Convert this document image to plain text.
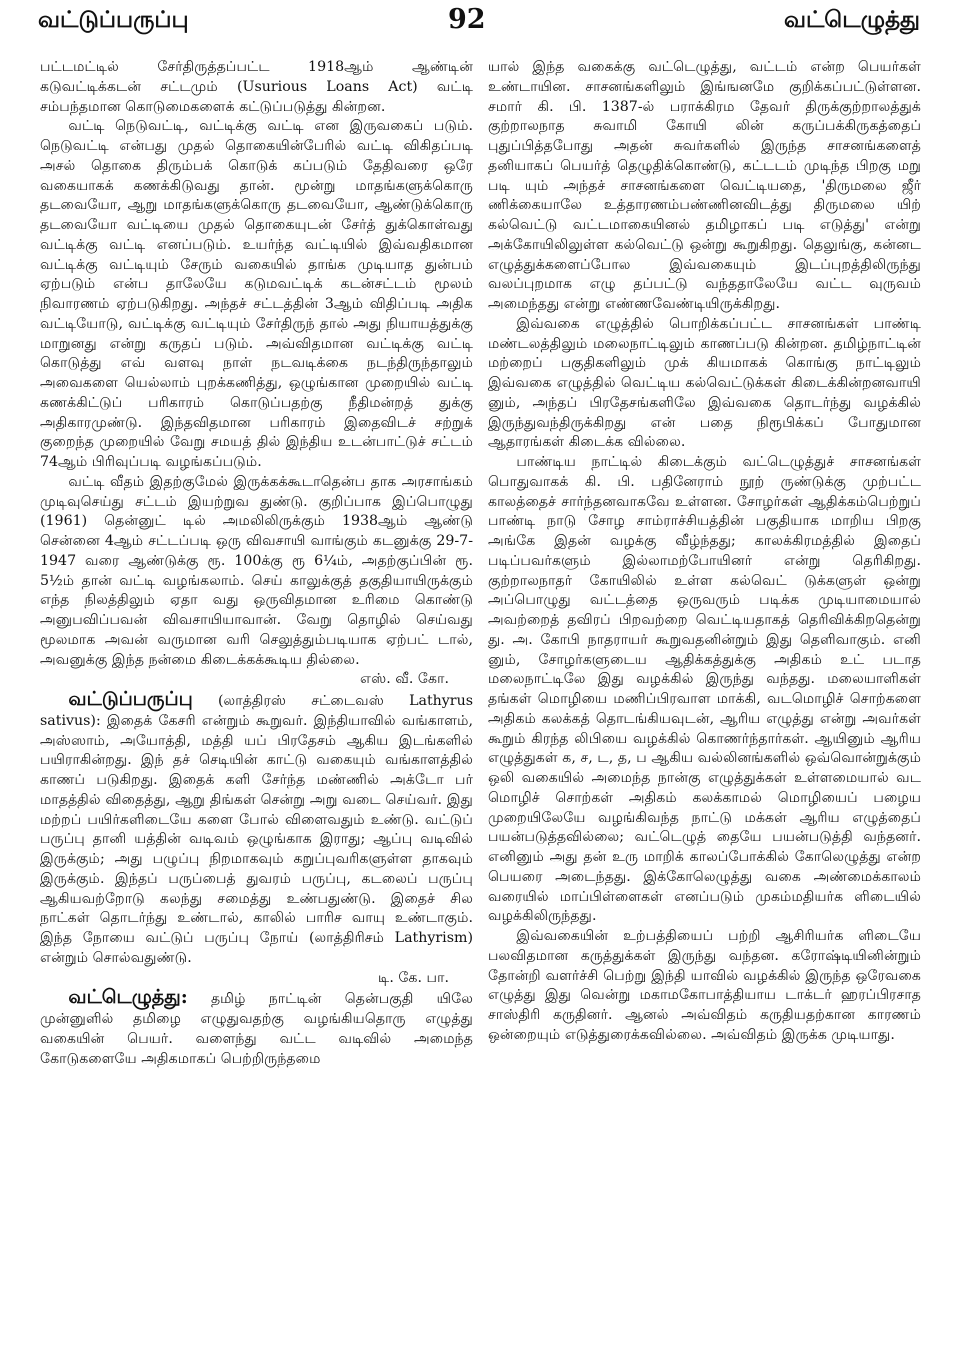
வட்டுப்பருப்பு	92	வட்டெழுத்து

பட்டமட்டில் சேர்திருத்தப்பட்ட 1918ஆம் ஆண்டின் கடுவட்டிக்கடன் சட்டமும் (Usurious Loans Act) வட்டி சம்பந்தமான கொடுமைகளைக் கட்டுப்படுத்து கின்றன.

வட்டி நெடுவட்டி, வட்டிக்கு வட்டி என இருவகைப் படும். நெடுவட்டி என்பது முதல் தொகையின்பேரில் வட்டி விகிதப்படி அசல் தொகை திரும்பக் கொடுக் கப்படும் தேதிவரை ஒரே வகையாகக் கணக்கிடுவது தான். மூன்று மாதங்களுக்கொரு தடவையோ, ஆறு மாதங்களுக்கொரு தடவையோ, ஆண்டுக்கொரு தடவையோ வட்டியை முதல் தொகையுடன் சேர்த் துக்கொள்வது வட்டிக்கு வட்டி எனப்படும். உயர்ந்த வட்டியில் இவ்வதிகமான வட்டிக்கு வட்டியும் சேரும் வகையில் தாங்க முடியாத துன்பம் ஏற்படும் என்ப தாலேயே கடுமவட்டிக் கடன்சட்டம் மூலம் நிவாரணம் ஏற்படுகிறது. அந்தச் சட்டத்தின் 3ஆம் விதிப்படி அதிக வட்டியோடு, வட்டிக்கு வட்டியும் சேர்திருந் தால் அது நியாயத்துக்கு மாறுனது என்று கருதப் படும். அவ்விதமான வட்டிக்கு வட்டி கொடுத்து எவ் வளவு நாள் நடவடிக்கை நடந்திருந்தாலும் அவைகளை யெல்லாம் புறக்கணித்து, ஒழுங்கான முறையில் வட்டி கணக்கிட்டுப் பரிகாரம் கொடுப்பதற்கு நீதிமன்றத் துக்கு அதிகாரமுண்டு. இந்தவிதமான பரிகாரம் இதைவிடச் சற்றுக் குறைந்த முறையில் வேறு சமயத் தில் இந்திய உடன்பாட்டுச் சட்டம் 74ஆம் பிரிவுப்படி வழங்கப்படும்.

வட்டி வீதம் இதற்குமேல் இருக்கக்கூடாதென்ப தாக அரசாங்கம் முடிவுசெய்து சட்டம் இயற்றுவ துண்டு. குறிப்பாக இப்பொழுது (1961) தென்னுட் டில் அமலிலிருக்கும் 1938ஆம் ஆண்டு சென்னை 4ஆம் சட்டப்படி ஒரு விவசாயி வாங்கும் கடனுக்கு 29-7-1947 வரை ஆண்டுக்கு ரூ. 100க்கு ரூ 6¼ம், அதற்குப்பின் ரூ. 5½ம் தான் வட்டி வழங்கலாம். செய் காலுக்குத் தகுதியாயிருக்கும் எந்த நிலத்திலும் ஏதா வது ஒருவிதமான உரிமை கொண்டு அனுபவிப்பவன் விவசாயியாவான். வேறு தொழில் செய்வது மூலமாக அவன் வருமான வரி செலுத்தும்படியாக ஏற்பட் டால், அவனுக்கு இந்த நன்மை கிடைக்கக்கூடிய தில்லை.

எஸ். வீ. கோ.

வட்டுப்பருப்பு (லாத்திரஸ் சட்டைவஸ் Lathyrus sativus): இதைக் கேசரி என்றும் கூறுவர். இந்தியாவில் வங்காளம், அஸ்ஸாம், அயோத்தி, மத்தி யப் பிரதேசம் ஆகிய இடங்களில் பயிராகின்றது. இந் தச் செடியின் காட்டு வகையும் வங்காளத்தில் காணப் படுகிறது. இதைக் களி சேர்ந்த மண்ணில் அக்டோ பர் மாதத்தில் விதைத்து, ஆறு திங்கள் சென்று அறு வடை செய்வர். இது மற்றப் பயிர்களிடையே களை போல் விளைவதும் உண்டு. வட்டுப் பருப்பு தானி யத்தின் வடிவம் ஒழுங்காக இராது; ஆப்பு வடிவில் இருக்கும்; அது பழுப்பு நிறமாகவும் கறுப்புவரிகளுள்ள தாகவும் இருக்கும். இந்தப் பருப்பைத் துவரம் பருப்பு, கடலைப் பருப்பு ஆகியவற்றோடு கலந்து சமைத்து உண்பதுண்டு. இதைச் சில நாட்கள் தொடர்ந்து உண்டால், காலில் பாரிச வாயு உண்டாகும். இந்த நோயை வட்டுப் பருப்பு நோய் (லாத்திரிசம் Lathyrism) என்றும் சொல்வதுண்டு.

டி. கே. பா.

வட்டெழுத்து: தமிழ் நாட்டின் தென்பகுதி யிலே முன்னுளில் தமிழை எழுதுவதற்கு வழங்கியதொரு எழுத்து வகையின் பெயர். வளைந்து வட்ட வடிவில் அமைந்த கோடுகளையே அதிகமாகப் பெற்றிருந்தமை

யால் இந்த வகைக்கு வட்டெழுத்து, வட்டம் என்ற பெயர்கள் உண்டாயின. சாசனங்களிலும் இங்ஙனமே குறிக்கப்பட்டுள்ளன. சமார் கி. பி. 1387-ல் பராக்கிரம தேவர் திருக்குற்றாலத்துக் குற்றாலநாத சுவாமி கோயி லின் கருப்பக்கிருகத்தைப் புதுப்பித்தபோது அதன் சுவர்களில் இருந்த சாசனங்களைத் தனியாகப் பெயர்த் தெழுதிக்கொண்டு, கட்டடம் முடிந்த பிறகு மறு படி யும் அந்தச் சாசனங்களை வெட்டியதை, 'திருமலை ஜீர் ணிக்கையாலே உத்தாரணம்பண்ணினவிடத்து திருமலை யிற் கல்வெட்டு வட்டமாகையினல் தமிழாகப் படி எடுத்து' என்று அக்கோயிலிலுள்ள கல்வெட்டு ஒன்று கூறுகிறது. தெலுங்கு, கன்னட எழுத்துக்களைப்போல இவ்வகையும் இடப்புறத்திலிருந்து வலப்புறமாக எழு தப்பட்டு வந்ததாலேயே வட்ட வுருவம் அமைந்தது என்று எண்ணவேண்டியிருக்கிறது.

இவ்வகை எழுத்தில் பொறிக்கப்பட்ட சாசனங்கள் பாண்டி மண்டலத்திலும் மலைநாட்டிலும் காணப்படு கின்றன. தமிழ்நாட்டின் மற்றைப் பகுதிகளிலும் முக் கியமாகக் கொங்கு நாட்டிலும் இவ்வகை எழுத்தில் வெட்டிய கல்வெட்டுக்கள் கிடைக்கின்றனவாயி னும், அந்தப் பிரதேசங்களிலே இவ்வகை தொடர்ந்து வழக்கில் இருந்துவந்திருக்கிறது என் பதை நிரூபிக்கப் போதுமான ஆதாரங்கள் கிடைக்க வில்லை.

பாண்டிய நாட்டில் கிடைக்கும் வட்டெழுத்துச் சாசனங்கள் பொதுவாகக் கி. பி. பதினேராம் நூற் ருண்டுக்கு முற்பட்ட காலத்தைச் சார்ந்தனவாகவே உள்ளன. சோழர்கள் ஆதிக்கம்பெற்றுப் பாண்டி நாடு சோழ சாம்ராச்சியத்தின் பகுதியாக மாறிய பிறகு அங்கே இதன் வழக்கு வீழ்ந்தது; காலக்கிரமத்தில் இதைப் படிப்பவர்களும் இல்லாமற்போயினர் என்று தெரிகிறது. குற்றாலநாதர் கோயிலில் உள்ள கல்வெட் டுக்களுள் ஒன்று அப்பொழுது வட்டத்தை ஒருவரும் படிக்க முடியாமையால் அவற்றைத் தவிரப் பிறவற்றை வெட்டியதாகத் தெரிவிக்கிறதென்று து. அ. கோபி நாதராயர் கூறுவதனின்றும் இது தெளிவாகும். எனி னும், சோழர்களுடைய ஆதிக்கத்துக்கு அதிகம் உட் படாத மலைநாட்டிலே இது வழக்கில் இருந்து வந்தது. மலையாளிகள் தங்கள் மொழியை மணிப்பிரவாள மாக்கி, வடமொழிச் சொற்களை அதிகம் கலக்கத் தொடங்கியவுடன், ஆரிய எழுத்து என்று அவர்கள் கூறும் கிரந்த லிபியை வழக்கில் கொணர்ந்தார்கள். ஆயினும் ஆரிய எழுத்துகள் க, ச, ட, த, ப ஆகிய வல்லினங்களில் ஒவ்வொன்றுக்கும் ஒலி வகையில் அமைந்த நான்கு எழுத்துக்கள் உள்ளமையால் வட மொழிச் சொற்கள் அதிகம் கலக்காமல் மொழியைப் பழைய முறையிலேயே வழங்கிவந்த நாட்டு மக்கள் ஆரிய எழுத்தைப் பயன்படுத்தவில்லை; வட்டெழுத் தையே பயன்படுத்தி வந்தனர். எனினும் அது தன் உரு மாறிக் காலப்போக்கில் கோலெழுத்து என்ற பெயரை அடைந்தது. இக்கோலெழுத்து வகை அண்மைக்காலம் வரையில் மாப்பிள்ளைகள் எனப்படும் முகம்மதியர்க ளிடையில் வழக்கிலிருந்தது.

இவ்வகையின் உற்பத்தியைப் பற்றி ஆசிரியர்க ளிடையே பலவிதமான கருத்துக்கள் இருந்து வந்தன. கரோஷ்டியினின்றும் தோன்றி வளர்ச்சி பெற்று இந்தி யாவில் வழக்கில் இருந்த ஒரேவகை எழுத்து இது வென்று மகாமகோபாத்தியாய டாக்டர் ஹரப்பிரசாத சாஸ்திரி கருதினர். ஆனல் அவ்விதம் கருதியதற்கான காரணம் ஒன்றையும் எடுத்துரைக்கவில்லை. அவ்விதம் இருக்க முடியாது.
